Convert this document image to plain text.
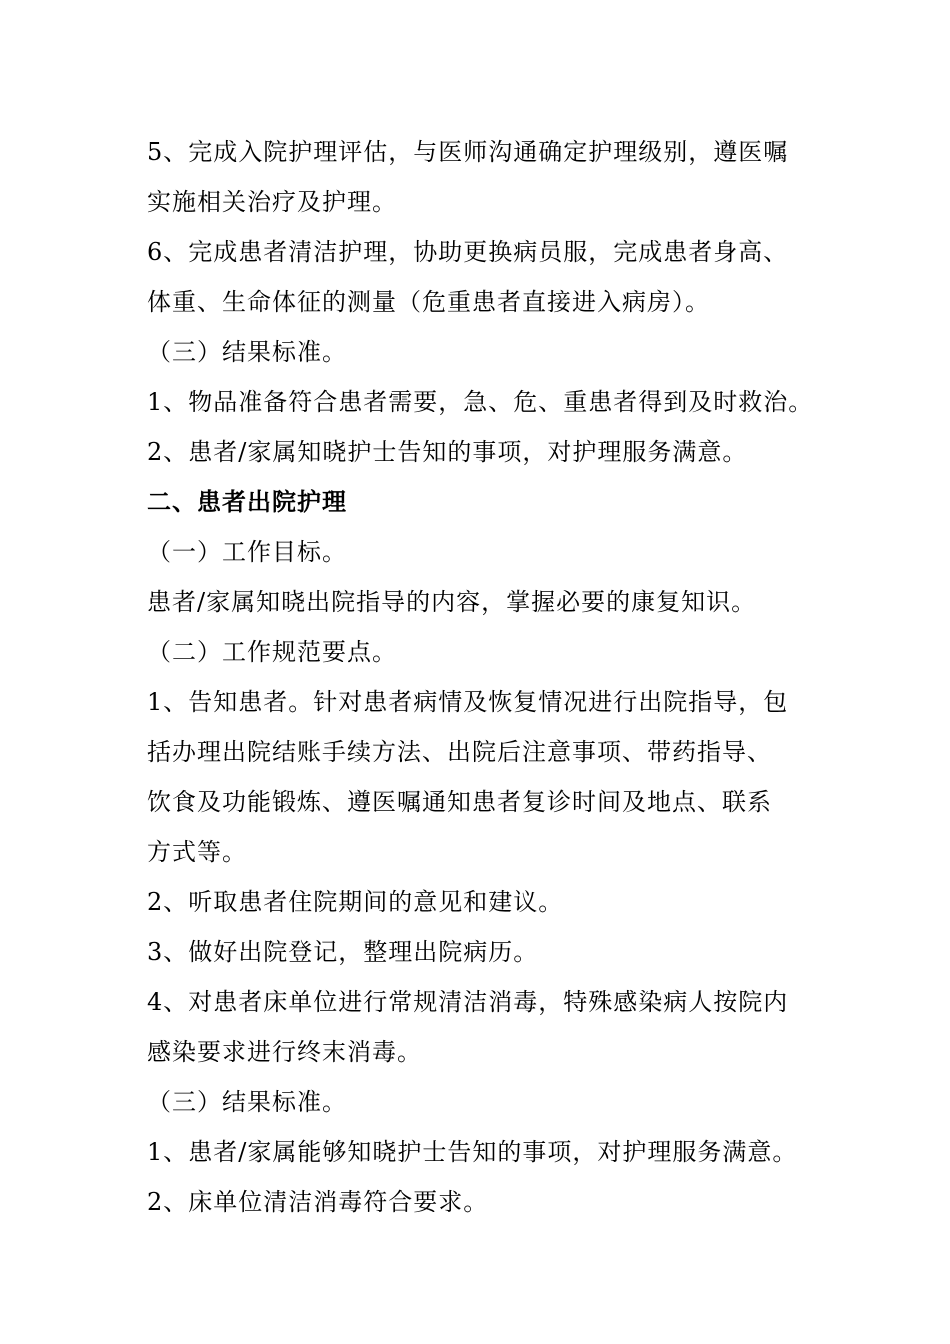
5、完成入院护理评估，与医师沟通确定护理级别，遵医嘱
实施相关治疗及护理。
6、完成患者清洁护理，协助更换病员服，完成患者身高、
体重、生命体征的测量（危重患者直接进入病房）。
（三）结果标准。
1、物品准备符合患者需要，急、危、重患者得到及时救治。
2、患者/家属知晓护士告知的事项，对护理服务满意。
二、患者出院护理
（一）工作目标。
患者/家属知晓出院指导的内容，掌握必要的康复知识。
（二）工作规范要点。
1、告知患者。针对患者病情及恢复情况进行出院指导，包
括办理出院结账手续方法、出院后注意事项、带药指导、
饮食及功能锻炼、遵医嘱通知患者复诊时间及地点、联系
方式等。
2、听取患者住院期间的意见和建议。
3、做好出院登记，整理出院病历。
4、对患者床单位进行常规清洁消毒，特殊感染病人按院内
感染要求进行终末消毒。
（三）结果标准。
1、患者/家属能够知晓护士告知的事项，对护理服务满意。
2、床单位清洁消毒符合要求。
